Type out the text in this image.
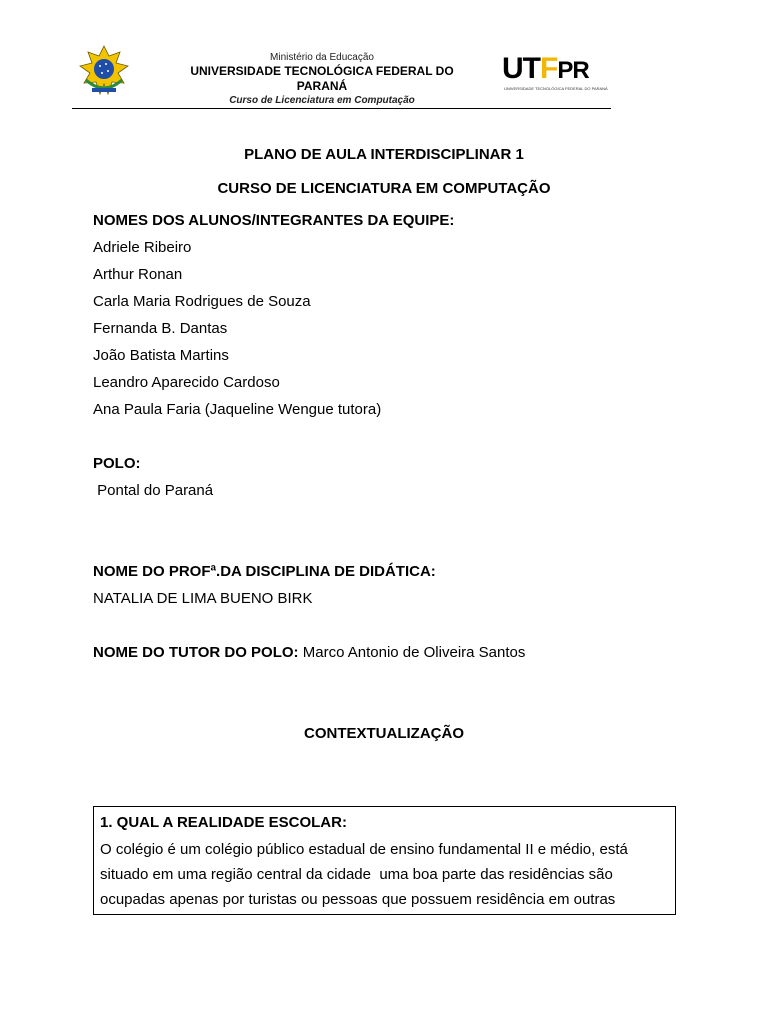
Ministério da Educação
UNIVERSIDADE TECNOLÓGICA FEDERAL DO PARANÁ
Curso de Licenciatura em Computação
UTFPR
UNIVERSIDADE TECNOLÓGICA FEDERAL DO PARANÁ
PLANO DE AULA INTERDISCIPLINAR 1
CURSO DE LICENCIATURA EM COMPUTAÇÃO
NOMES DOS ALUNOS/INTEGRANTES DA EQUIPE:
Adriele Ribeiro
Arthur Ronan
Carla Maria Rodrigues de Souza
Fernanda B. Dantas
João Batista Martins
Leandro Aparecido Cardoso
Ana Paula Faria (Jaqueline Wengue tutora)
POLO:
Pontal do Paraná
NOME DO PROFª.DA DISCIPLINA DE DIDÁTICA:
NATALIA DE LIMA BUENO BIRK
NOME DO TUTOR DO POLO: Marco Antonio de Oliveira Santos
CONTEXTUALIZAÇÃO
1. QUAL A REALIDADE ESCOLAR:
O colégio é um colégio público estadual de ensino fundamental II e médio, está
situado em uma região central da cidade  uma boa parte das residências são
ocupadas apenas por turistas ou pessoas que possuem residência em outras
